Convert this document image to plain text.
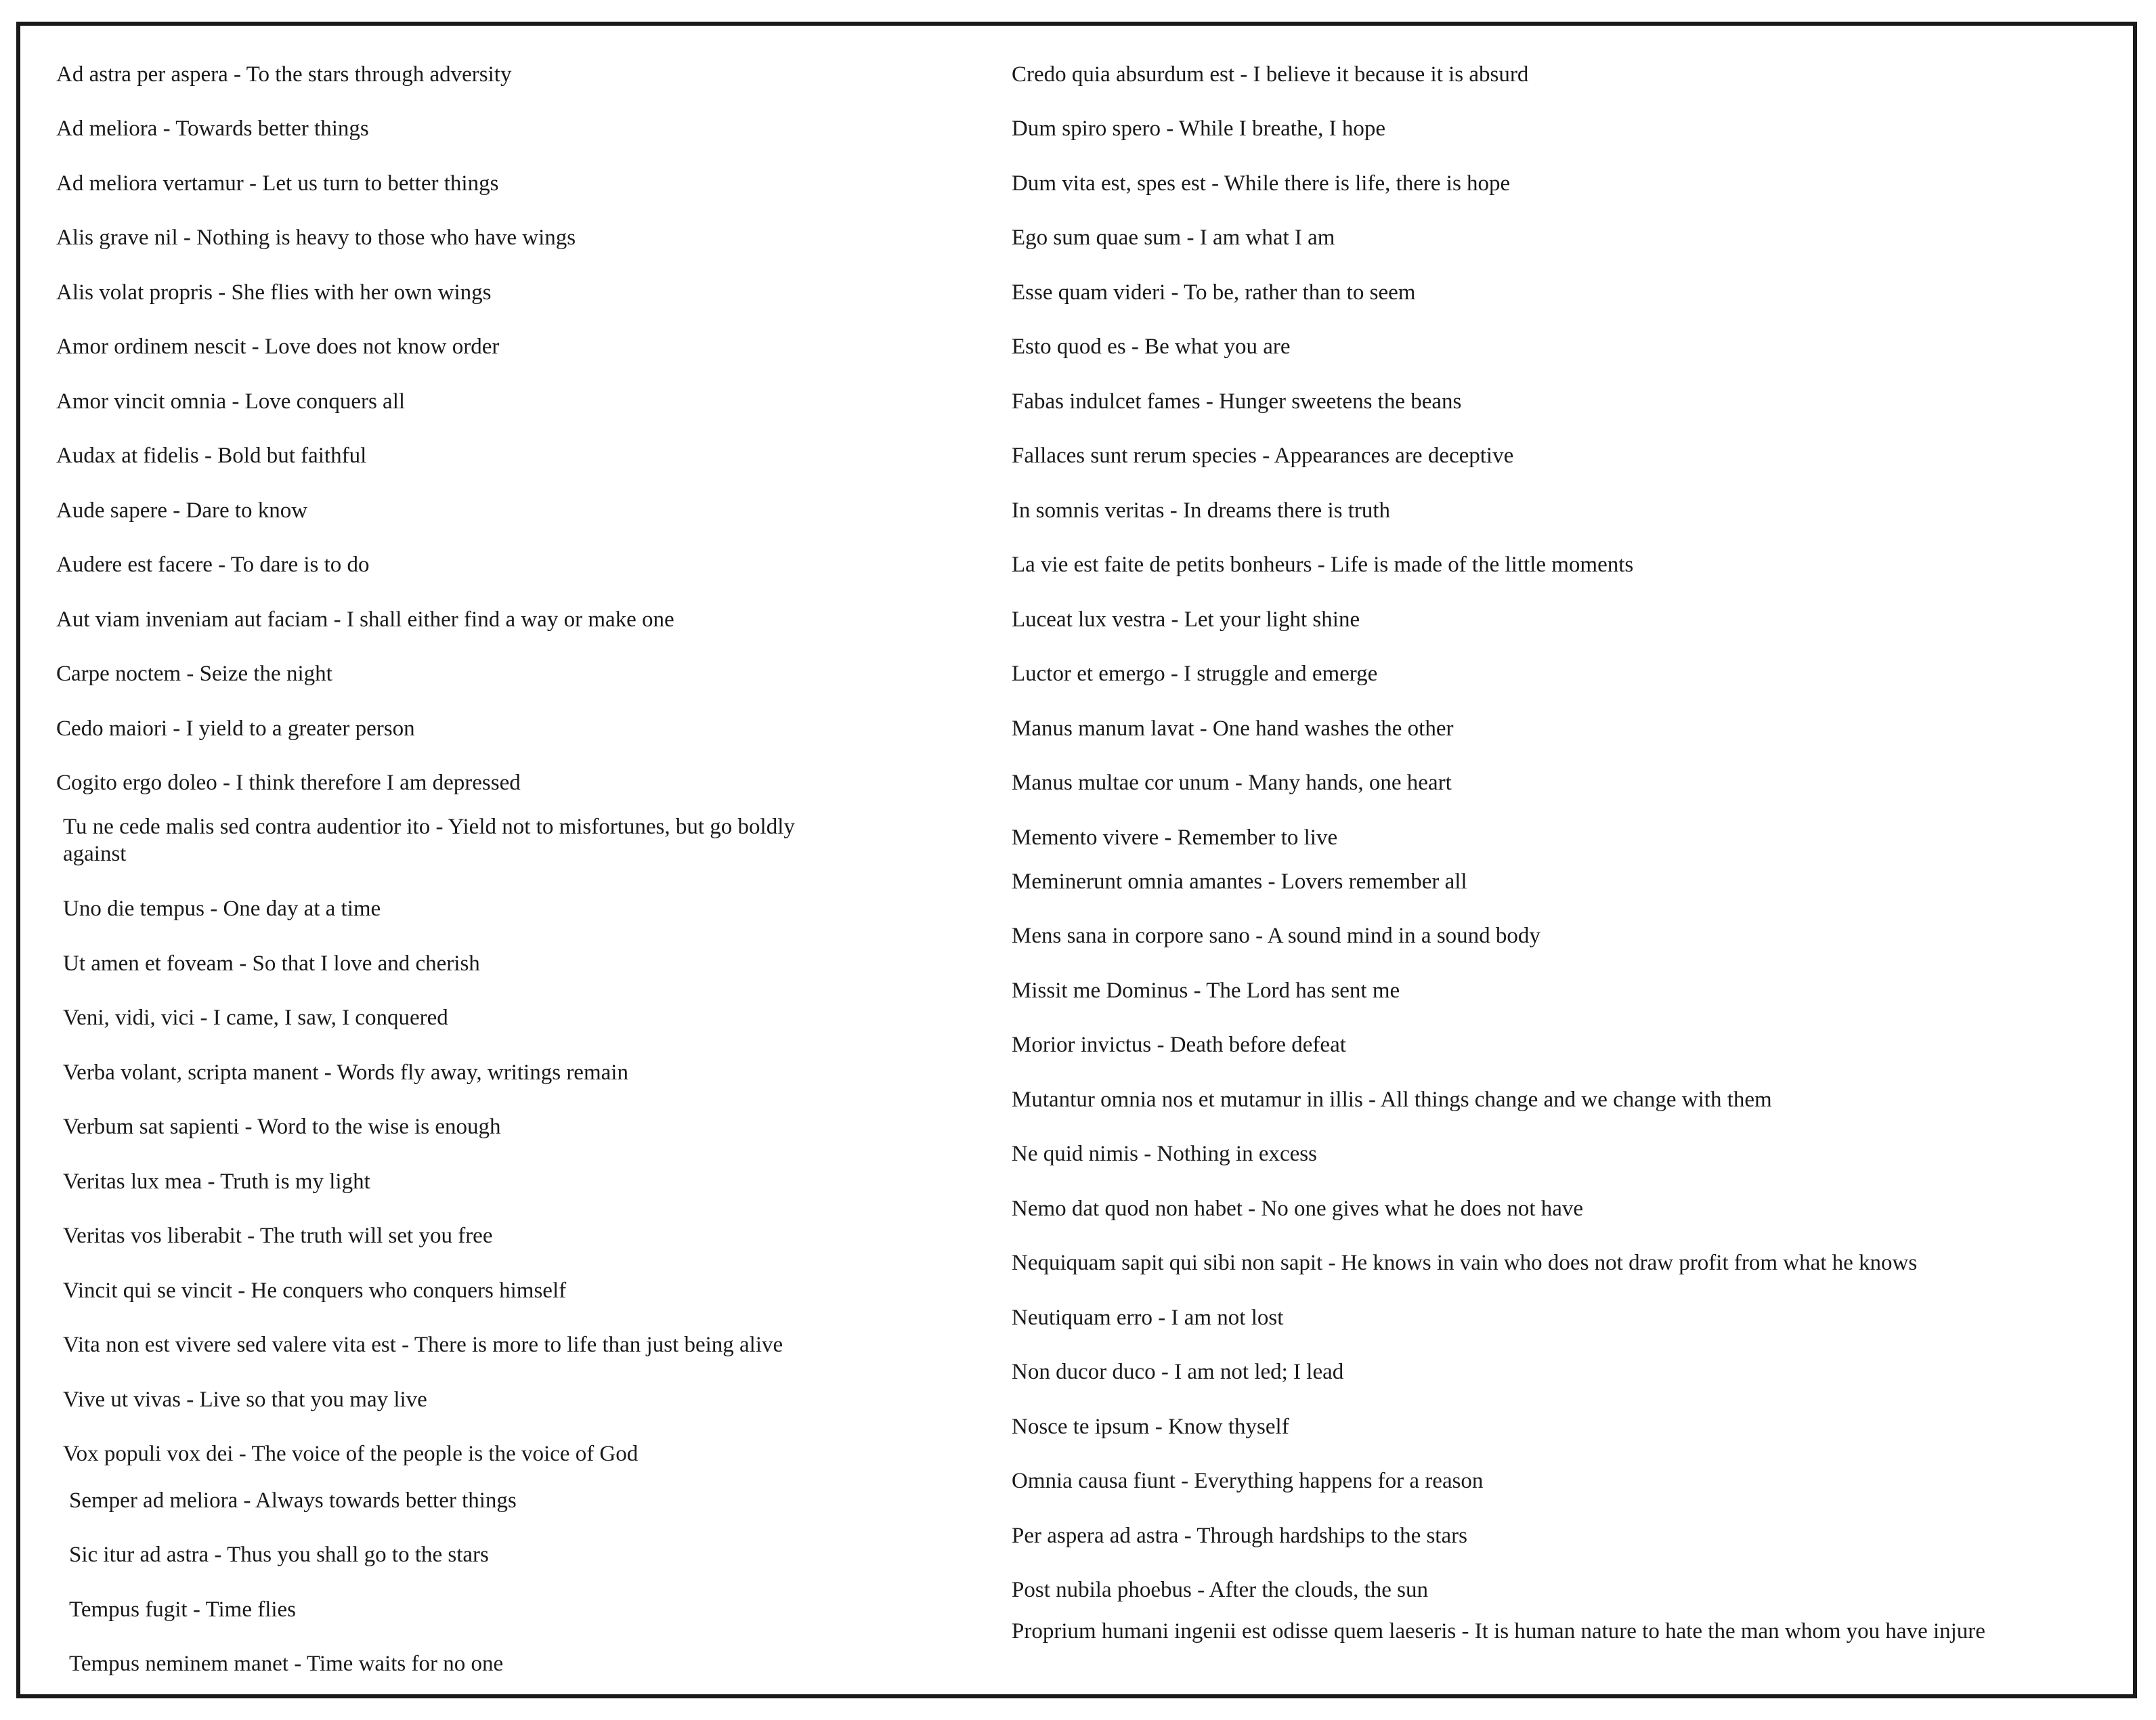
Ad astra per aspera - To the stars through adversity
Ad meliora - Towards better things
Ad meliora vertamur - Let us turn to better things
Alis grave nil - Nothing is heavy to those who have wings
Alis volat propris - She flies with her own wings
Amor ordinem nescit - Love does not know order
Amor vincit omnia - Love conquers all
Audax at fidelis - Bold but faithful
Aude sapere - Dare to know
Audere est facere - To dare is to do
Aut viam inveniam aut faciam - I shall either find a way or make one
Carpe noctem - Seize the night
Cedo maiori - I yield to a greater person
Cogito ergo doleo - I think therefore I am depressed
Tu ne cede malis sed contra audentior ito - Yield not to misfortunes, but go boldly against
Uno die tempus - One day at a time
Ut amen et foveam - So that I love and cherish
Veni, vidi, vici - I came, I saw, I conquered
Verba volant, scripta manent - Words fly away, writings remain
Verbum sat sapienti - Word to the wise is enough
Veritas lux mea - Truth is my light
Veritas vos liberabit - The truth will set you free
Vincit qui se vincit - He conquers who conquers himself
Vita non est vivere sed valere vita est - There is more to life than just being alive
Vive ut vivas - Live so that you may live
Vox populi vox dei - The voice of the people is the voice of God
Semper ad meliora - Always towards better things
Sic itur ad astra - Thus you shall go to the stars
Tempus fugit - Time flies
Tempus neminem manet - Time waits for no one
Credo quia absurdum est - I believe it because it is absurd
Dum spiro spero - While I breathe, I hope
Dum vita est, spes est - While there is life, there is hope
Ego sum quae sum - I am what I am
Esse quam videri - To be, rather than to seem
Esto quod es - Be what you are
Fabas indulcet fames - Hunger sweetens the beans
Fallaces sunt rerum species - Appearances are deceptive
In somnis veritas - In dreams there is truth
La vie est faite de petits bonheurs - Life is made of the little moments
Luceat lux vestra - Let your light shine
Luctor et emergo - I struggle and emerge
Manus manum lavat - One hand washes the other
Manus multae cor unum - Many hands, one heart
Memento vivere - Remember to live
Meminerunt omnia amantes - Lovers remember all
Mens sana in corpore sano - A sound mind in a sound body
Missit me Dominus - The Lord has sent me
Morior invictus - Death before defeat
Mutantur omnia nos et mutamur in illis - All things change and we change with them
Ne quid nimis - Nothing in excess
Nemo dat quod non habet - No one gives what he does not have
Nequiquam sapit qui sibi non sapit - He knows in vain who does not draw profit from what he knows
Neutiquam erro - I am not lost
Non ducor duco - I am not led; I lead
Nosce te ipsum - Know thyself
Omnia causa fiunt - Everything happens for a reason
Per aspera ad astra - Through hardships to the stars
Post nubila phoebus - After the clouds, the sun
Proprium humani ingenii est odisse quem laeseris - It is human nature to hate the man whom you have injure
